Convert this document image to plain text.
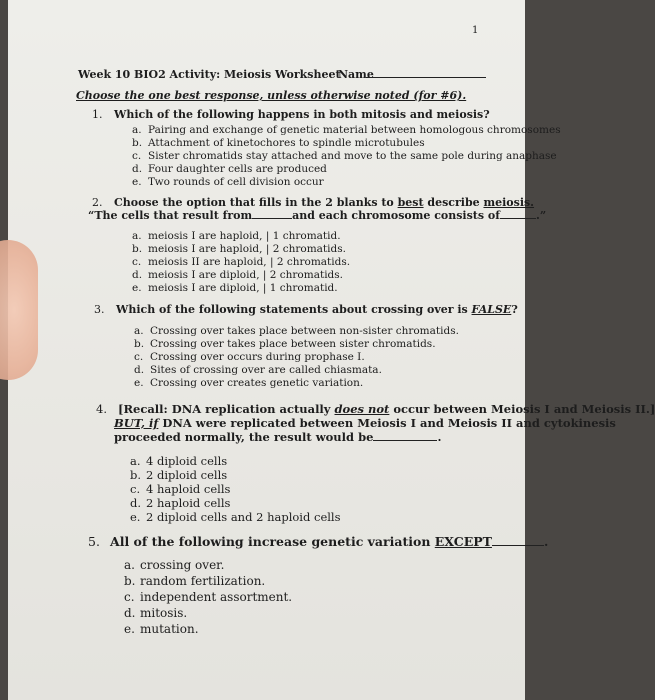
1
Week 10 BIO2 Activity: Meiosis Worksheet
Name
Choose the one best response, unless otherwise noted (for #6).
1. Which of the following happens in both mitosis and meiosis?
a. Pairing and exchange of genetic material between homologous chromosomes
b. Attachment of kinetochores to spindle microtubules
c. Sister chromatids stay attached and move to the same pole during anaphase
d. Four daughter cells are produced
e. Two rounds of cell division occur
2. Choose the option that fills in the 2 blanks to best describe meiosis.
“The cells that result from	and each chromosome consists of	.”
a. meiosis I are haploid, | 1 chromatid.
b. meiosis I are haploid, | 2 chromatids.
c. meiosis II are haploid, | 2 chromatids.
d. meiosis I are diploid, | 2 chromatids.
e. meiosis I are diploid, | 1 chromatid.
3. Which of the following statements about crossing over is FALSE?
a. Crossing over takes place between non-sister chromatids.
b. Crossing over takes place between sister chromatids.
c. Crossing over occurs during prophase I.
d. Sites of crossing over are called chiasmata.
e. Crossing over creates genetic variation.
4. [Recall: DNA replication actually does not occur between Meiosis I and Meiosis II.]
BUT, if DNA were replicated between Meiosis I and Meiosis II and cytokinesis
proceeded normally, the result would be	.
a. 4 diploid cells
b. 2 diploid cells
c. 4 haploid cells
d. 2 haploid cells
e. 2 diploid cells and 2 haploid cells
5. All of the following increase genetic variation EXCEPT	.
a. crossing over.
b. random fertilization.
c. independent assortment.
d. mitosis.
e. mutation.
